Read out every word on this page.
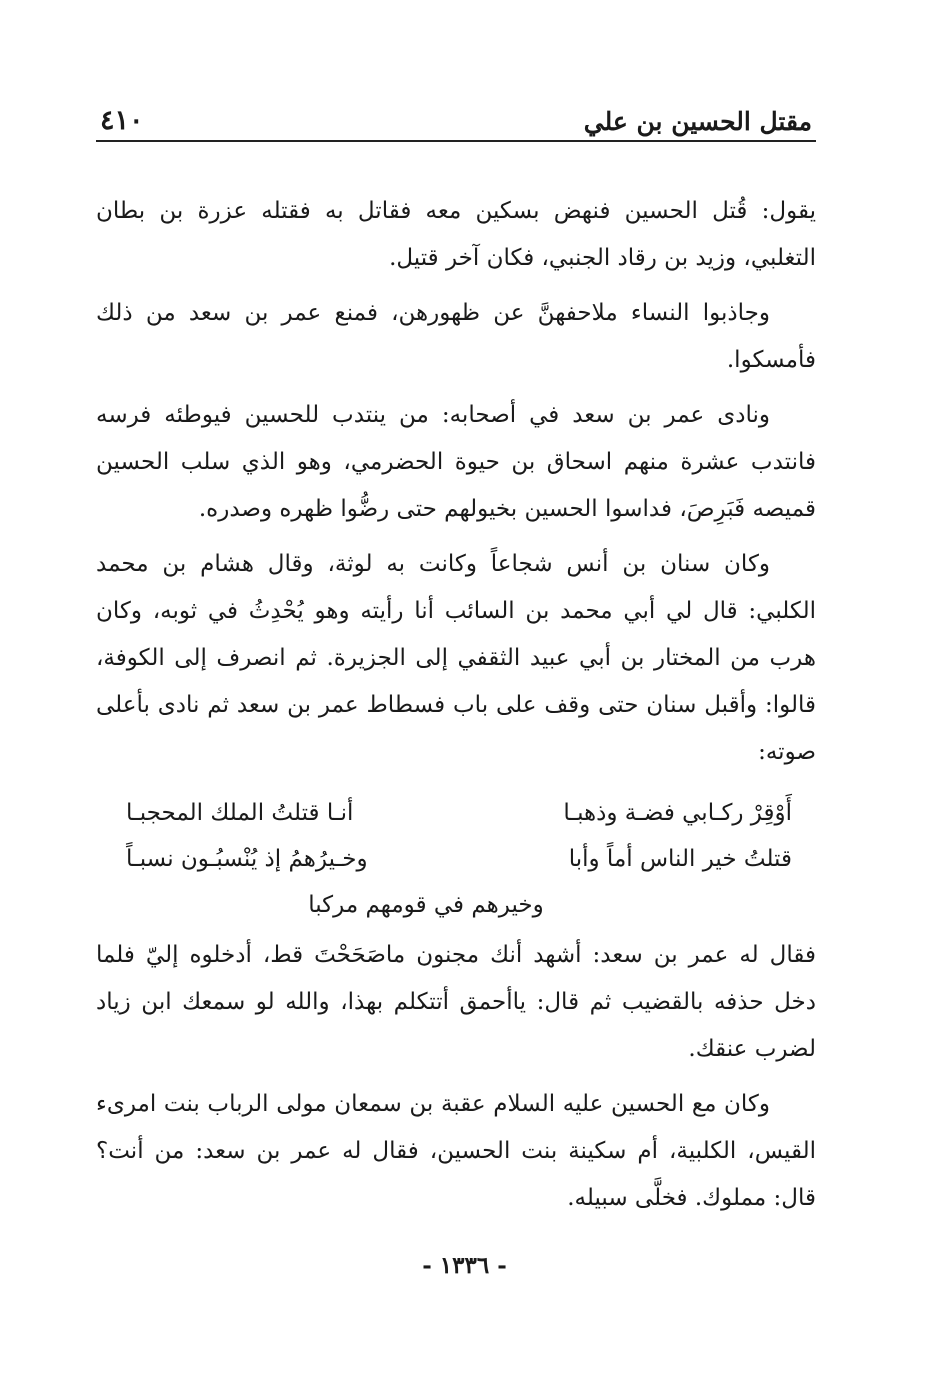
مقتل الحسين بن علي
٤١٠

يقول: قُتل الحسين فنهض بسكين معه فقاتل به فقتله عزرة بن بطان التغلبي، وزيد بن رقاد الجنبي، فكان آخر قتيل.

وجاذبوا النساء ملاحفهنَّ عن ظهورهن، فمنع عمر بن سعد من ذلك فأمسكوا.

ونادى عمر بن سعد في أصحابه: من ينتدب للحسين فيوطئه فرسه فانتدب عشرة منهم اسحاق بن حيوة الحضرمي، وهو الذي سلب الحسين قميصه فَبَرِصَ، فداسوا الحسين بخيولهم حتى رضُّوا ظهره وصدره.

وكان سنان بن أنس شجاعاً وكانت به لوثة، وقال هشام بن محمد الكلبي: قال لي أبي محمد بن السائب أنا رأيته وهو يُحْدِثُ في ثوبه، وكان هرب من المختار بن أبي عبيد الثقفي إلى الجزيرة. ثم انصرف إلى الكوفة، قالوا: وأقبل سنان حتى وقف على باب فسطاط عمر بن سعد ثم نادى بأعلى صوته:

أَوْقِرْ ركـابي فضـة وذهبـا
أنـا قتلتُ الملك المحجبـا
قتلتُ خير الناس أماً وأبا
وخـيرُهمُ إذ يُنْسبُـون نسبـاً
وخيرهم في قومهم مركبا

فقال له عمر بن سعد: أشهد أنك مجنون ماصَحَحْتَ قط، أدخلوه إليّ فلما دخل حذفه بالقضيب ثم قال: ياأحمق أتتكلم بهذا، والله لو سمعك ابن زياد لضرب عنقك.

وكان مع الحسين عليه السلام عقبة بن سمعان مولى الرباب بنت امرىء القيس، الكلبية، أم سكينة بنت الحسين، فقال له عمر بن سعد: من أنت؟ قال: مملوك. فخلَّى سبيله.

- ١٣٣٦ -
